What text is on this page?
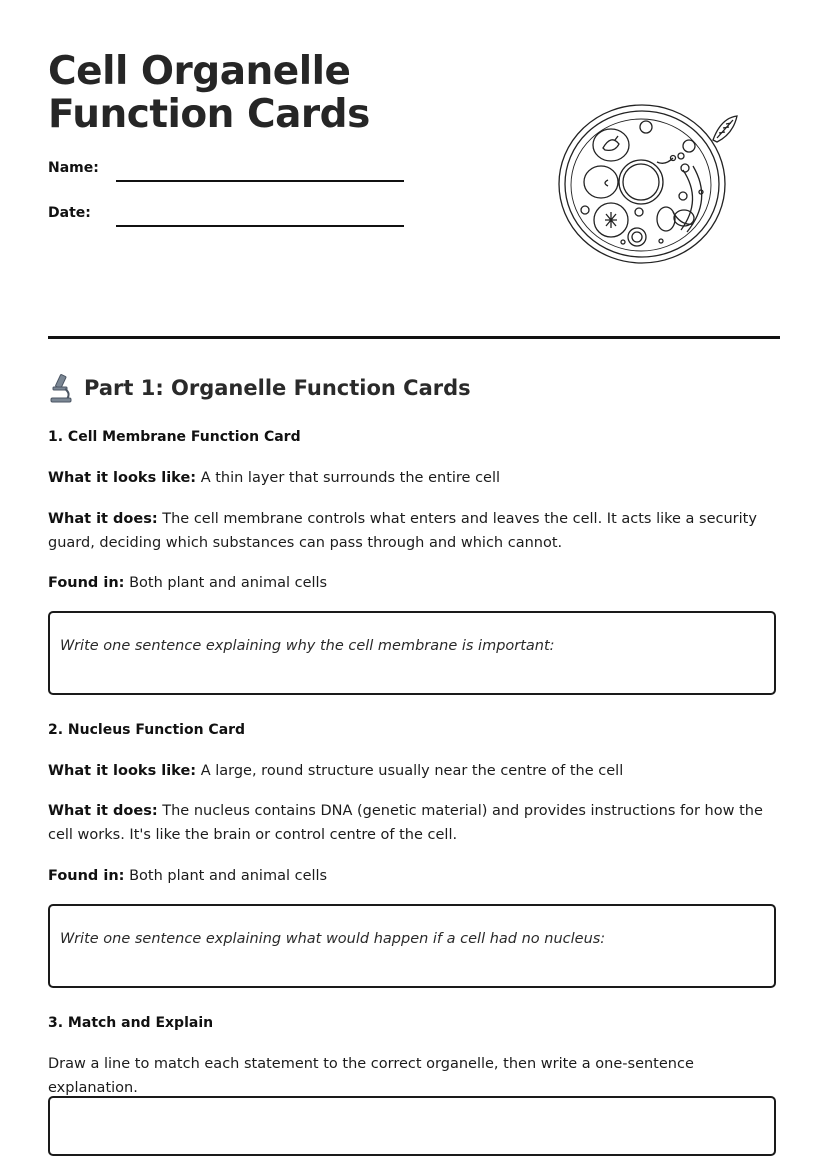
Cell Organelle Function Cards
Name:
Date:
Part 1: Organelle Function Cards
1. Cell Membrane Function Card

What it looks like: A thin layer that surrounds the entire cell

What it does: The cell membrane controls what enters and leaves the cell. It acts like a security guard, deciding which substances can pass through and which cannot.

Found in: Both plant and animal cells

Write one sentence explaining why the cell membrane is important:
2. Nucleus Function Card

What it looks like: A large, round structure usually near the centre of the cell

What it does: The nucleus contains DNA (genetic material) and provides instructions for how the cell works. It's like the brain or control centre of the cell.

Found in: Both plant and animal cells

Write one sentence explaining what would happen if a cell had no nucleus:
3. Match and Explain

Draw a line to match each statement to the correct organelle, then write a one-sentence explanation.
